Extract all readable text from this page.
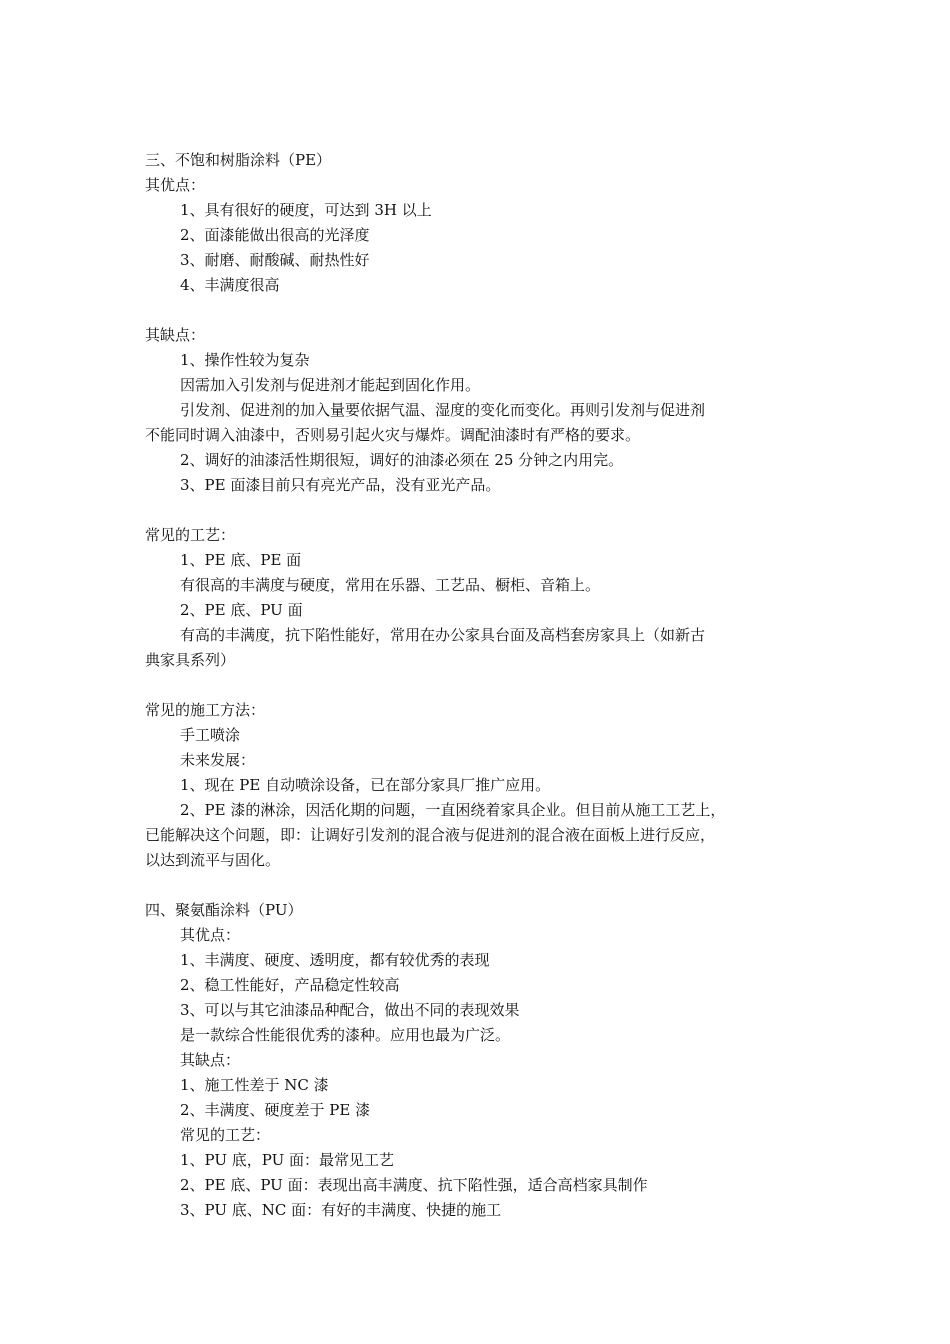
三、不饱和树脂涂料（PE）
其优点：
1、具有很好的硬度，可达到 3H 以上
2、面漆能做出很高的光泽度
3、耐磨、耐酸碱、耐热性好
4、丰满度很高
其缺点：
1、操作性较为复杂
因需加入引发剂与促进剂才能起到固化作用。
引发剂、促进剂的加入量要依据气温、湿度的变化而变化。再则引发剂与促进剂
不能同时调入油漆中，否则易引起火灾与爆炸。调配油漆时有严格的要求。
2、调好的油漆活性期很短，调好的油漆必须在 25 分钟之内用完。
3、PE 面漆目前只有亮光产品，没有亚光产品。
常见的工艺：
1、PE 底、PE 面
有很高的丰满度与硬度，常用在乐器、工艺品、橱柜、音箱上。
2、PE 底、PU 面
有高的丰满度，抗下陷性能好，常用在办公家具台面及高档套房家具上（如新古
典家具系列）
常见的施工方法：
手工喷涂
未来发展：
1、现在 PE 自动喷涂设备，已在部分家具厂推广应用。
2、PE 漆的淋涂，因活化期的问题，一直困绕着家具企业。但目前从施工工艺上，
已能解决这个问题，即：让调好引发剂的混合液与促进剂的混合液在面板上进行反应，
以达到流平与固化。
四、聚氨酯涂料（PU）
其优点：
1、丰满度、硬度、透明度，都有较优秀的表现
2、稳工性能好，产品稳定性较高
3、可以与其它油漆品种配合，做出不同的表现效果
是一款综合性能很优秀的漆种。应用也最为广泛。
其缺点：
1、施工性差于 NC 漆
2、丰满度、硬度差于 PE 漆
常见的工艺：
1、PU 底，PU 面：最常见工艺
2、PE 底、PU 面：表现出高丰满度、抗下陷性强，适合高档家具制作
3、PU 底、NC 面：有好的丰满度、快捷的施工
